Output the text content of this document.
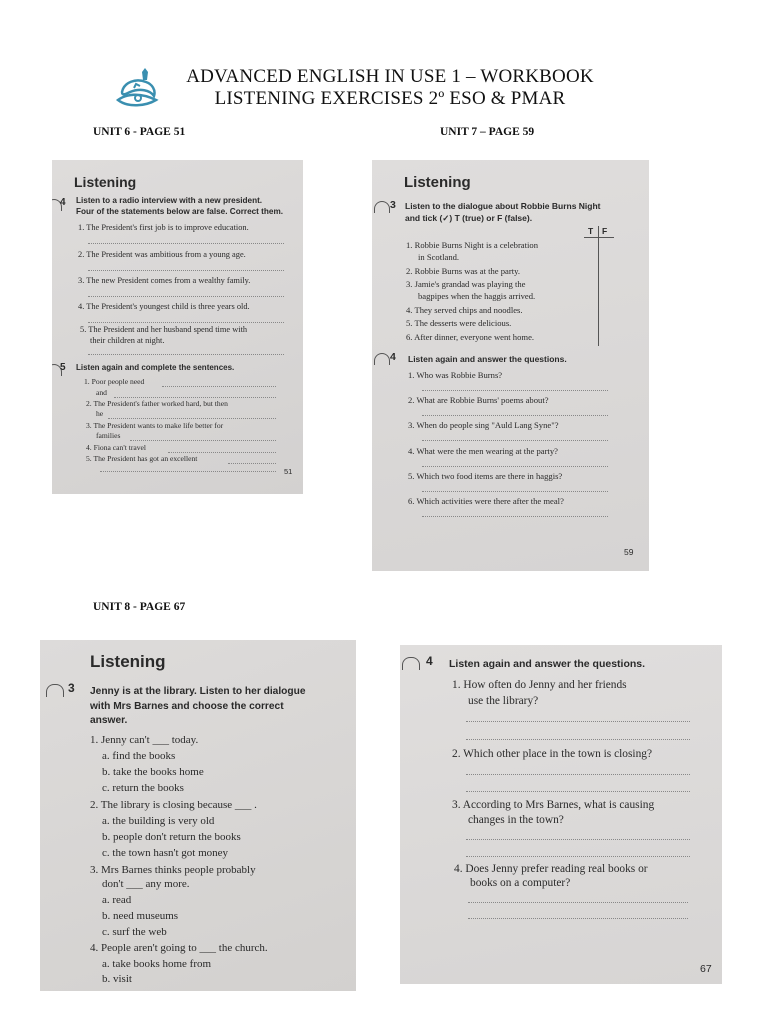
ADVANCED ENGLISH IN USE 1 – WORKBOOK
LISTENING EXERCISES 2º ESO & PMAR
UNIT 6 - PAGE 51	UNIT 7 – PAGE 59
UNIT 8 - PAGE 67
Listening
4 Listen to a radio interview with a new president.
Four of the statements below are false. Correct them.
1. The President's first job is to improve education.
2. The President was ambitious from a young age.
3. The new President comes from a wealthy family.
4. The President's youngest child is three years old.
5. The President and her husband spend time with
their children at night.
5 Listen again and complete the sentences.
1. Poor people need
and
2. The President's father worked hard, but then
he
3. The President wants to make life better for
families
4. Fiona can't travel
5. The President has got an excellent
51
Listening
3 Listen to the dialogue about Robbie Burns Night
and tick (✓) T (true) or F (false).
T F
1. Robbie Burns Night is a celebration
in Scotland.
2. Robbie Burns was at the party.
3. Jamie's grandad was playing the
bagpipes when the haggis arrived.
4. They served chips and noodles.
5. The desserts were delicious.
6. After dinner, everyone went home.
4 Listen again and answer the questions.
1. Who was Robbie Burns?
2. What are Robbie Burns' poems about?
3. When do people sing "Auld Lang Syne"?
4. What were the men wearing at the party?
5. Which two food items are there in haggis?
6. Which activities were there after the meal?
59
Listening
3 Jenny is at the library. Listen to her dialogue
with Mrs Barnes and choose the correct
answer.
1. Jenny can't ___ today.
a. find the books
b. take the books home
c. return the books
2. The library is closing because ___ .
a. the building is very old
b. people don't return the books
c. the town hasn't got money
3. Mrs Barnes thinks people probably
don't ___ any more.
a. read
b. need museums
c. surf the web
4. People aren't going to ___ the church.
a. take books home from
b. visit
4 Listen again and answer the questions.
1. How often do Jenny and her friends
use the library?
2. Which other place in the town is closing?
3. According to Mrs Barnes, what is causing
changes in the town?
4. Does Jenny prefer reading real books or
books on a computer?
67
